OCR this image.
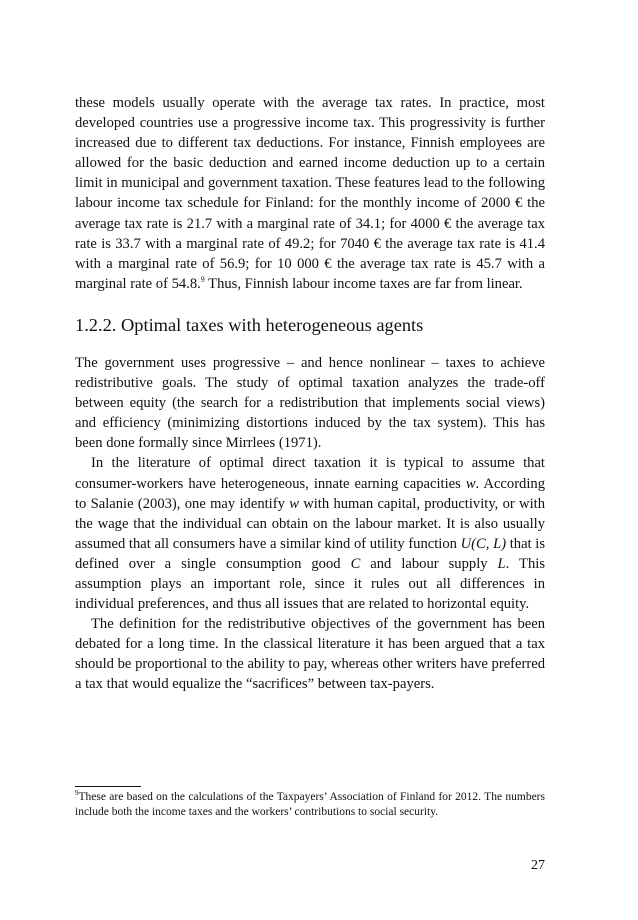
these models usually operate with the average tax rates. In practice, most developed countries use a progressive income tax. This progressivity is further increased due to different tax deductions. For instance, Finnish employees are allowed for the basic deduction and earned income deduction up to a certain limit in municipal and government taxation. These features lead to the following labour income tax schedule for Finland: for the monthly income of 2000 € the average tax rate is 21.7 with a marginal rate of 34.1; for 4000 € the average tax rate is 33.7 with a marginal rate of 49.2; for 7040 € the average tax rate is 41.4 with a marginal rate of 56.9; for 10 000 € the average tax rate is 45.7 with a marginal rate of 54.8.$^9$ Thus, Finnish labour income taxes are far from linear.

1.2.2. Optimal taxes with heterogeneous agents

The government uses progressive – and hence nonlinear – taxes to achieve redistributive goals. The study of optimal taxation analyzes the trade-off between equity (the search for a redistribution that implements social views) and efficiency (minimizing distortions induced by the tax system). This has been done formally since Mirrlees (1971).

In the literature of optimal direct taxation it is typical to assume that consumer-workers have heterogeneous, innate earning capacities w. According to Salanie (2003), one may identify w with human capital, productivity, or with the wage that the individual can obtain on the labour market. It is also usually assumed that all consumers have a similar kind of utility function U(C, L) that is defined over a single consumption good C and labour supply L. This assumption plays an important role, since it rules out all differences in individual preferences, and thus all issues that are related to horizontal equity.

The definition for the redistributive objectives of the government has been debated for a long time. In the classical literature it has been argued that a tax should be proportional to the ability to pay, whereas other writers have preferred a tax that would equalize the “sacrifices” between tax-payers.

$^9$These are based on the calculations of the Taxpayers’ Association of Finland for 2012. The numbers include both the income taxes and the workers’ contributions to social security.

27
